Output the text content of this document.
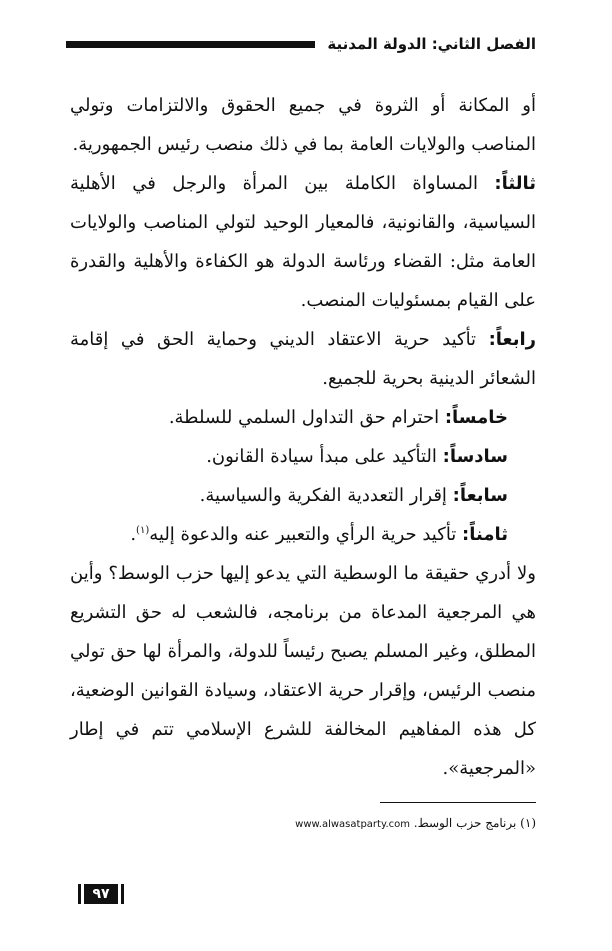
الفصل الثاني: الدولة المدنية

أو المكانة أو الثروة في جميع الحقوق والالتزامات وتولي المناصب والولايات العامة بما في ذلك منصب رئيس الجمهورية.

ثالثاً: المساواة الكاملة بين المرأة والرجل في الأهلية السياسية، والقانونية، فالمعيار الوحيد لتولي المناصب والولايات العامة مثل: القضاء ورئاسة الدولة هو الكفاءة والأهلية والقدرة على القيام بمسئوليات المنصب.

رابعاً: تأكيد حرية الاعتقاد الديني وحماية الحق في إقامة الشعائر الدينية بحرية للجميع.

خامساً: احترام حق التداول السلمي للسلطة.

سادساً: التأكيد على مبدأ سيادة القانون.

سابعاً: إقرار التعددية الفكرية والسياسية.

ثامناً: تأكيد حرية الرأي والتعبير عنه والدعوة إليه$^{(١)}$.

ولا أدري حقيقة ما الوسطية التي يدعو إليها حزب الوسط؟ وأين هي المرجعية المدعاة من برنامجه، فالشعب له حق التشريع المطلق، وغير المسلم يصبح رئيساً للدولة، والمرأة لها حق تولي منصب الرئيس، وإقرار حرية الاعتقاد، وسيادة القوانين الوضعية، كل هذه المفاهيم المخالفة للشرع الإسلامي تتم في إطار «المرجعية».

(١) برنامج حزب الوسط. www.alwasatparty.com
٩٧
